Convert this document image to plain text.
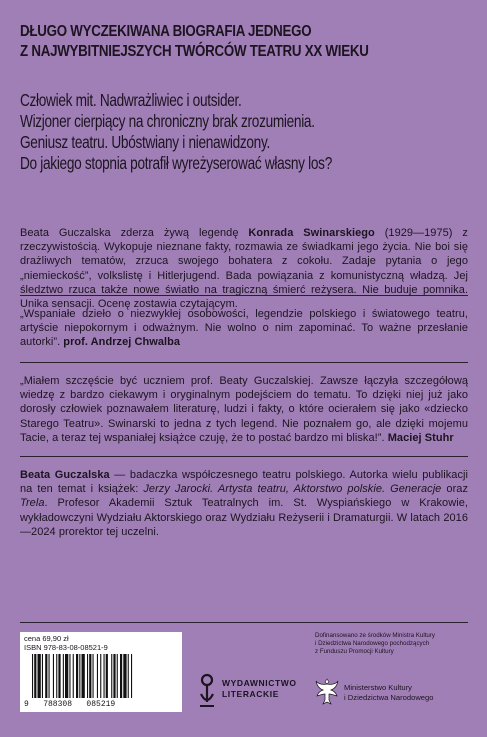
DŁUGO WYCZEKIWANA BIOGRAFIA JEDNEGO
Z NAJWYBITNIEJSZYCH TWÓRCÓW TEATRU XX WIEKU
Człowiek mit. Nadwrażliwiec i outsider.
Wizjoner cierpiący na chroniczny brak zrozumienia.
Geniusz teatru. Ubóstwiany i nienawidzony.
Do jakiego stopnia potrafił wyreżyserować własny los?
Beata Guczalska zderza żywą legendę Konrada Swinarskiego (1929—1975) z rzeczywistością. Wykopuje nieznane fakty, rozmawia ze świadkami jego życia. Nie boi się drażliwych tematów, zrzuca swojego bohatera z cokołu. Zadaje pytania o jego „niemieckość”, volkslistę i Hitlerjugend. Bada powiązania z komunistyczną władzą. Jej śledztwo rzuca także nowe światło na tragiczną śmierć reżysera. Nie buduje pomnika. Unika sensacji. Ocenę zostawia czytającym.
„Wspaniałe dzieło o niezwykłej osobowości, legendzie polskiego i światowego teatru, artyście niepokornym i odważnym. Nie wolno o nim zapominać. To ważne przesłanie autorki”. prof. Andrzej Chwalba
„Miałem szczęście być uczniem prof. Beaty Guczalskiej. Zawsze łączyła szczegółową wiedzę z bardzo ciekawym i oryginalnym podejściem do tematu. To dzięki niej już jako dorosły człowiek poznawałem literaturę, ludzi i fakty, o które ocierałem się jako «dziecko Starego Teatru». Swinarski to jedna z tych legend. Nie poznałem go, ale dzięki mojemu Tacie, a teraz tej wspaniałej książce czuję, że to postać bardzo mi bliska!”. Maciej Stuhr
Beata Guczalska — badaczka współczesnego teatru polskiego. Autorka wielu publikacji na ten temat i książek: Jerzy Jarocki. Artysta teatru, Aktorstwo polskie. Generacje oraz Trela. Profesor Akademii Sztuk Teatralnych im. St. Wyspiańskiego w Krakowie, wykładowczyni Wydziału Aktorskiego oraz Wydziału Reżyserii i Dramaturgii. W latach 2016—2024 prorektor tej uczelni.
cena 69,90 zł
ISBN 978-83-08-08521-9
9   788308   085219
WYDAWNICTWO
LITERACKIE
Dofinansowano ze środków Ministra Kultury
i Dziedzictwa Narodowego pochodzących
z Funduszu Promocji Kultury
Ministerstwo Kultury
i Dziedzictwa Narodowego
